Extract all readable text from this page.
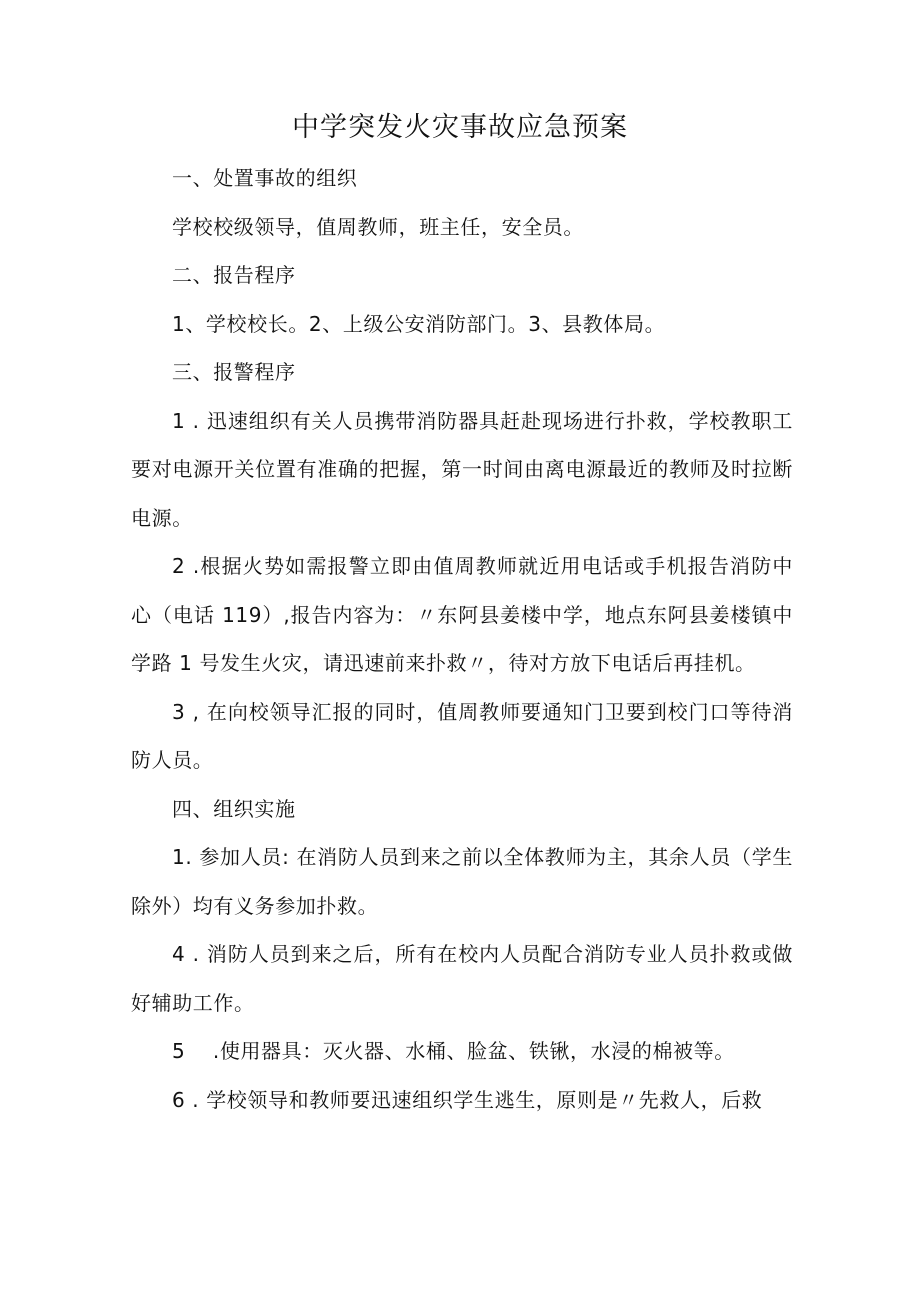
中学突发火灾事故应急预案

一、处置事故的组织

学校校级领导，值周教师，班主任，安全员。

二、报告程序

1、学校校长。2、上级公安消防部门。3、县教体局。

三、报警程序

1 . 迅速组织有关人员携带消防器具赶赴现场进行扑救，学校教职工要对电源开关位置有准确的把握，第一时间由离电源最近的教师及时拉断电源。

2 .根据火势如需报警立即由值周教师就近用电话或手机报告消防中心（电话 119）,报告内容为：〃东阿县姜楼中学，地点东阿县姜楼镇中学路 1 号发生火灾，请迅速前来扑救〃，待对方放下电话后再挂机。

3 , 在向校领导汇报的同时，值周教师要通知门卫要到校门口等待消防人员。

四、组织实施

1. 参加人员: 在消防人员到来之前以全体教师为主，其余人员（学生除外）均有义务参加扑救。

4 . 消防人员到来之后，所有在校内人员配合消防专业人员扑救或做好辅助工作。

5　 .使用器具：灭火器、水桶、脸盆、铁锹，水浸的棉被等。

6 . 学校领导和教师要迅速组织学生逃生，原则是〃先救人，后救
